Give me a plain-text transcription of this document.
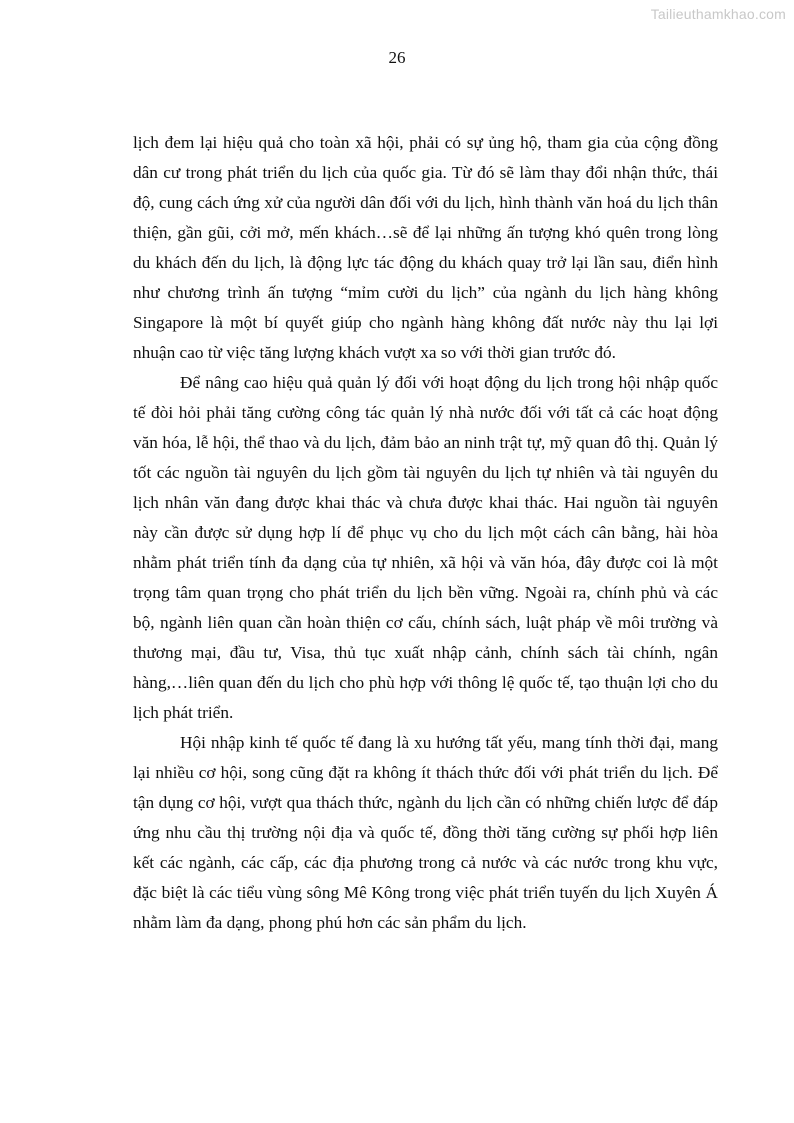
Tailieuthamkhao.com
26
lịch đem lại hiệu quả cho toàn xã hội, phải có sự ủng hộ, tham gia của cộng đồng
dân cư trong phát triển du lịch của quốc gia. Từ đó sẽ làm thay đổi nhận thức, thái
độ, cung cách ứng xử của người dân đối với du lịch, hình thành văn hoá du lịch thân
thiện, gần gũi, cởi mở, mến khách…sẽ để lại những ấn tượng khó quên trong lòng
du khách đến du lịch, là động lực tác động du khách quay trở lại lần sau, điển hình
như chương trình ấn tượng “mỉm cười du lịch” của ngành du lịch hàng không
Singapore là một bí quyết giúp cho ngành hàng không đất nước này thu lại lợi
nhuận cao từ việc tăng lượng khách vượt xa so với thời gian trước đó.
Để nâng cao hiệu quả quản lý đối với hoạt động du lịch trong hội nhập quốc
tế đòi hỏi phải tăng cường công tác quản lý nhà nước đối với tất cả các hoạt động
văn hóa, lễ hội, thể thao và du lịch, đảm bảo an ninh trật tự, mỹ quan đô thị. Quản lý
tốt các nguồn tài nguyên du lịch gồm tài nguyên du lịch tự nhiên và tài nguyên du
lịch nhân văn đang được khai thác và chưa được khai thác. Hai nguồn tài nguyên
này cần được sử dụng hợp lí để phục vụ cho du lịch một cách cân bằng, hài hòa
nhằm phát triển tính đa dạng của tự nhiên, xã hội và văn hóa, đây được coi là một
trọng tâm quan trọng cho phát triển du lịch bền vững. Ngoài ra, chính phủ và các
bộ, ngành liên quan cần hoàn thiện cơ cấu, chính sách, luật pháp về môi trường và
thương mại, đầu tư, Visa, thủ tục xuất nhập cảnh, chính sách tài chính, ngân
hàng,…liên quan đến du lịch cho phù hợp với thông lệ quốc tế, tạo thuận lợi cho du
lịch phát triển.
Hội nhập kinh tế quốc tế đang là xu hướng tất yếu, mang tính thời đại, mang
lại nhiều cơ hội, song cũng đặt ra không ít thách thức đối với phát triển du lịch. Để
tận dụng cơ hội, vượt qua thách thức, ngành du lịch cần có những chiến lược để đáp
ứng nhu cầu thị trường nội địa và quốc tế, đồng thời tăng cường sự phối hợp liên
kết các ngành, các cấp, các địa phương trong cả nước và các nước trong khu vực,
đặc biệt là các tiểu vùng sông Mê Kông trong việc phát triển tuyến du lịch Xuyên Á
nhằm làm đa dạng, phong phú hơn các sản phẩm du lịch.
